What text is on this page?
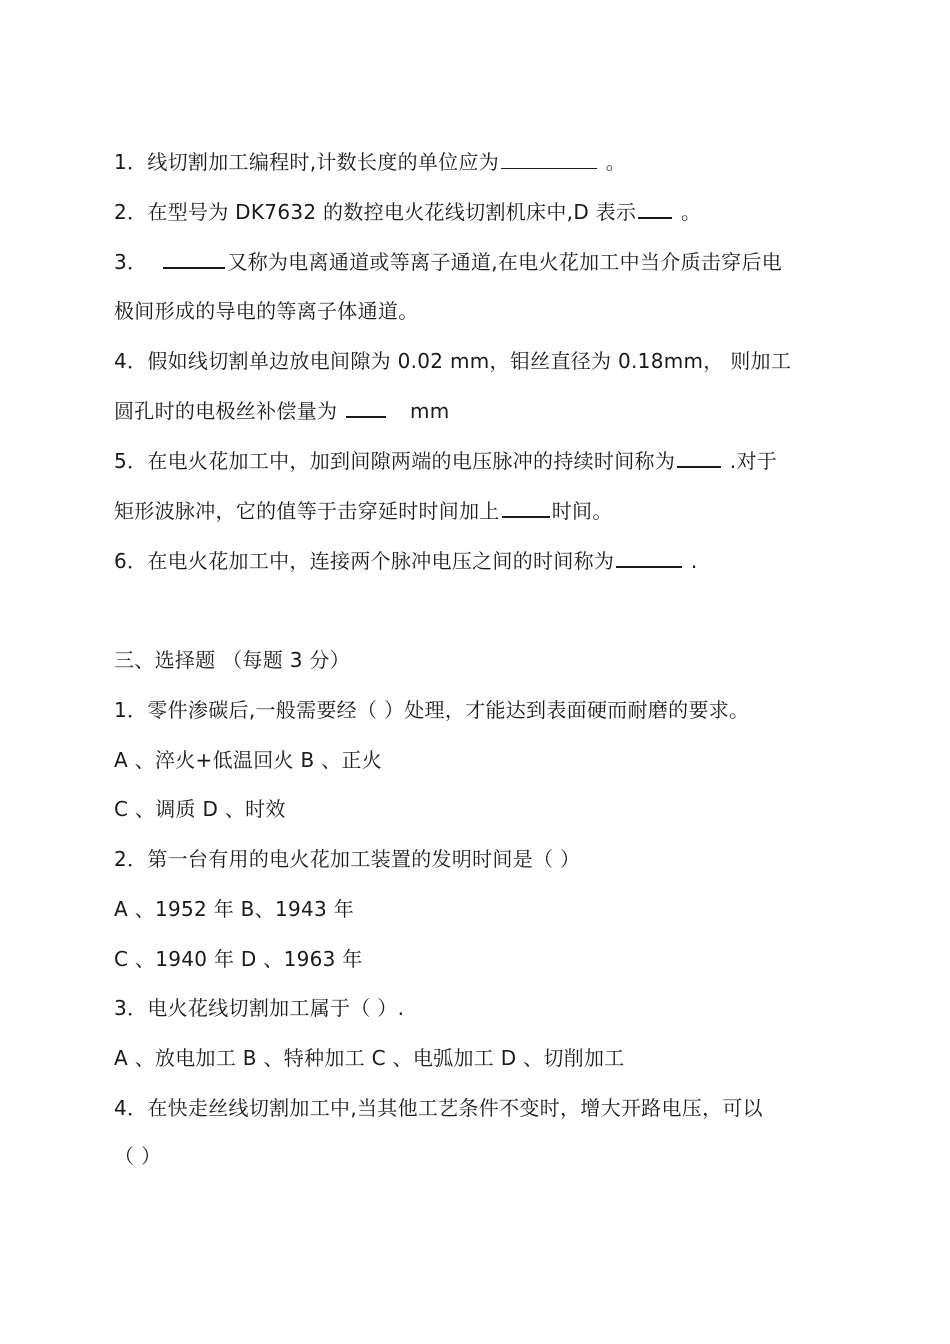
1．线切割加工编程时,计数长度的单位应为	。
2．在型号为 DK7632 的数控电火花线切割机床中,D 表示 。
3．	又称为电离通道或等离子通道,在电火花加工中当介质击穿后电
极间形成的导电的等离子体通道。
4．假如线切割单边放电间隙为 0.02 mm，钼丝直径为 0.18mm， 则加工
圆孔时的电极丝补偿量为	mm
5．在电火花加工中，加到间隙两端的电压脉冲的持续时间称为 .对于
矩形波脉冲，它的值等于击穿延时时间加上	时间。
6．在电火花加工中，连接两个脉冲电压之间的时间称为	.
三、选择题 （每题 3 分）
1．零件渗碳后,一般需要经（ ）处理，才能达到表面硬而耐磨的要求。
A 、淬火+低温回火 B 、正火
C 、调质 D 、时效
2．第一台有用的电火花加工装置的发明时间是（ ）
A 、1952 年 B、1943 年
C 、1940 年 D 、1963 年
3．电火花线切割加工属于（ ）.
A 、放电加工 B 、特种加工 C 、电弧加工 D 、切削加工
4．在快走丝线切割加工中,当其他工艺条件不变时，增大开路电压，可以
（ ）
